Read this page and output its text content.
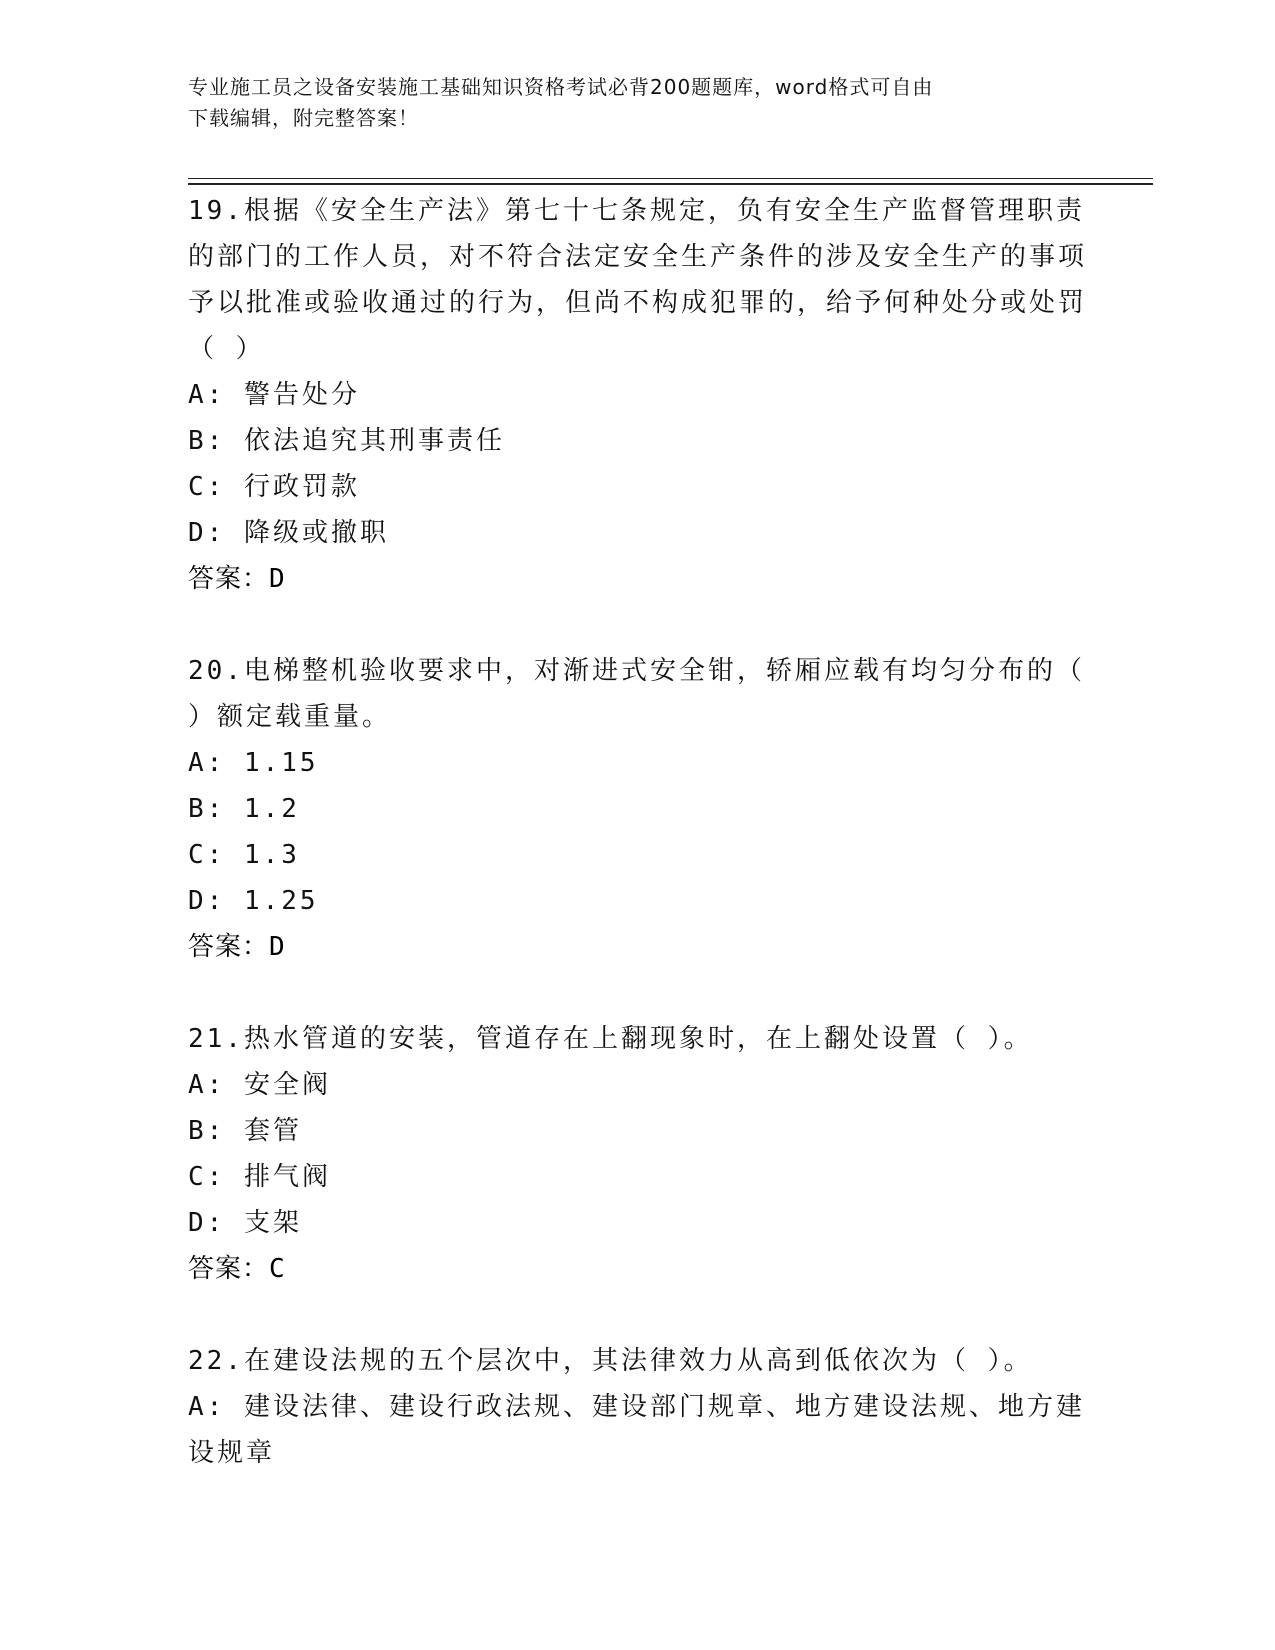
专业施工员之设备安装施工基础知识资格考试必背200题题库，word格式可自由
下载编辑，附完整答案！

19.根据《安全生产法》第七十七条规定，负有安全生产监督管理职责的部门的工作人员，对不符合法定安全生产条件的涉及安全生产的事项予以批准或验收通过的行为，但尚不构成犯罪的，给予何种处分或处罚（ ）

A: 警告处分

B: 依法追究其刑事责任

C: 行政罚款

D: 降级或撤职

答案：D

20.电梯整机验收要求中，对渐进式安全钳，轿厢应载有均匀分布的（ ）额定载重量。

A: 1.15

B: 1.2

C: 1.3

D: 1.25

答案：D

21.热水管道的安装，管道存在上翻现象时，在上翻处设置（ ）。

A: 安全阀

B: 套管

C: 排气阀

D: 支架

答案：C

22.在建设法规的五个层次中，其法律效力从高到低依次为（ ）。

A: 建设法律、建设行政法规、建设部门规章、地方建设法规、地方建设规章
